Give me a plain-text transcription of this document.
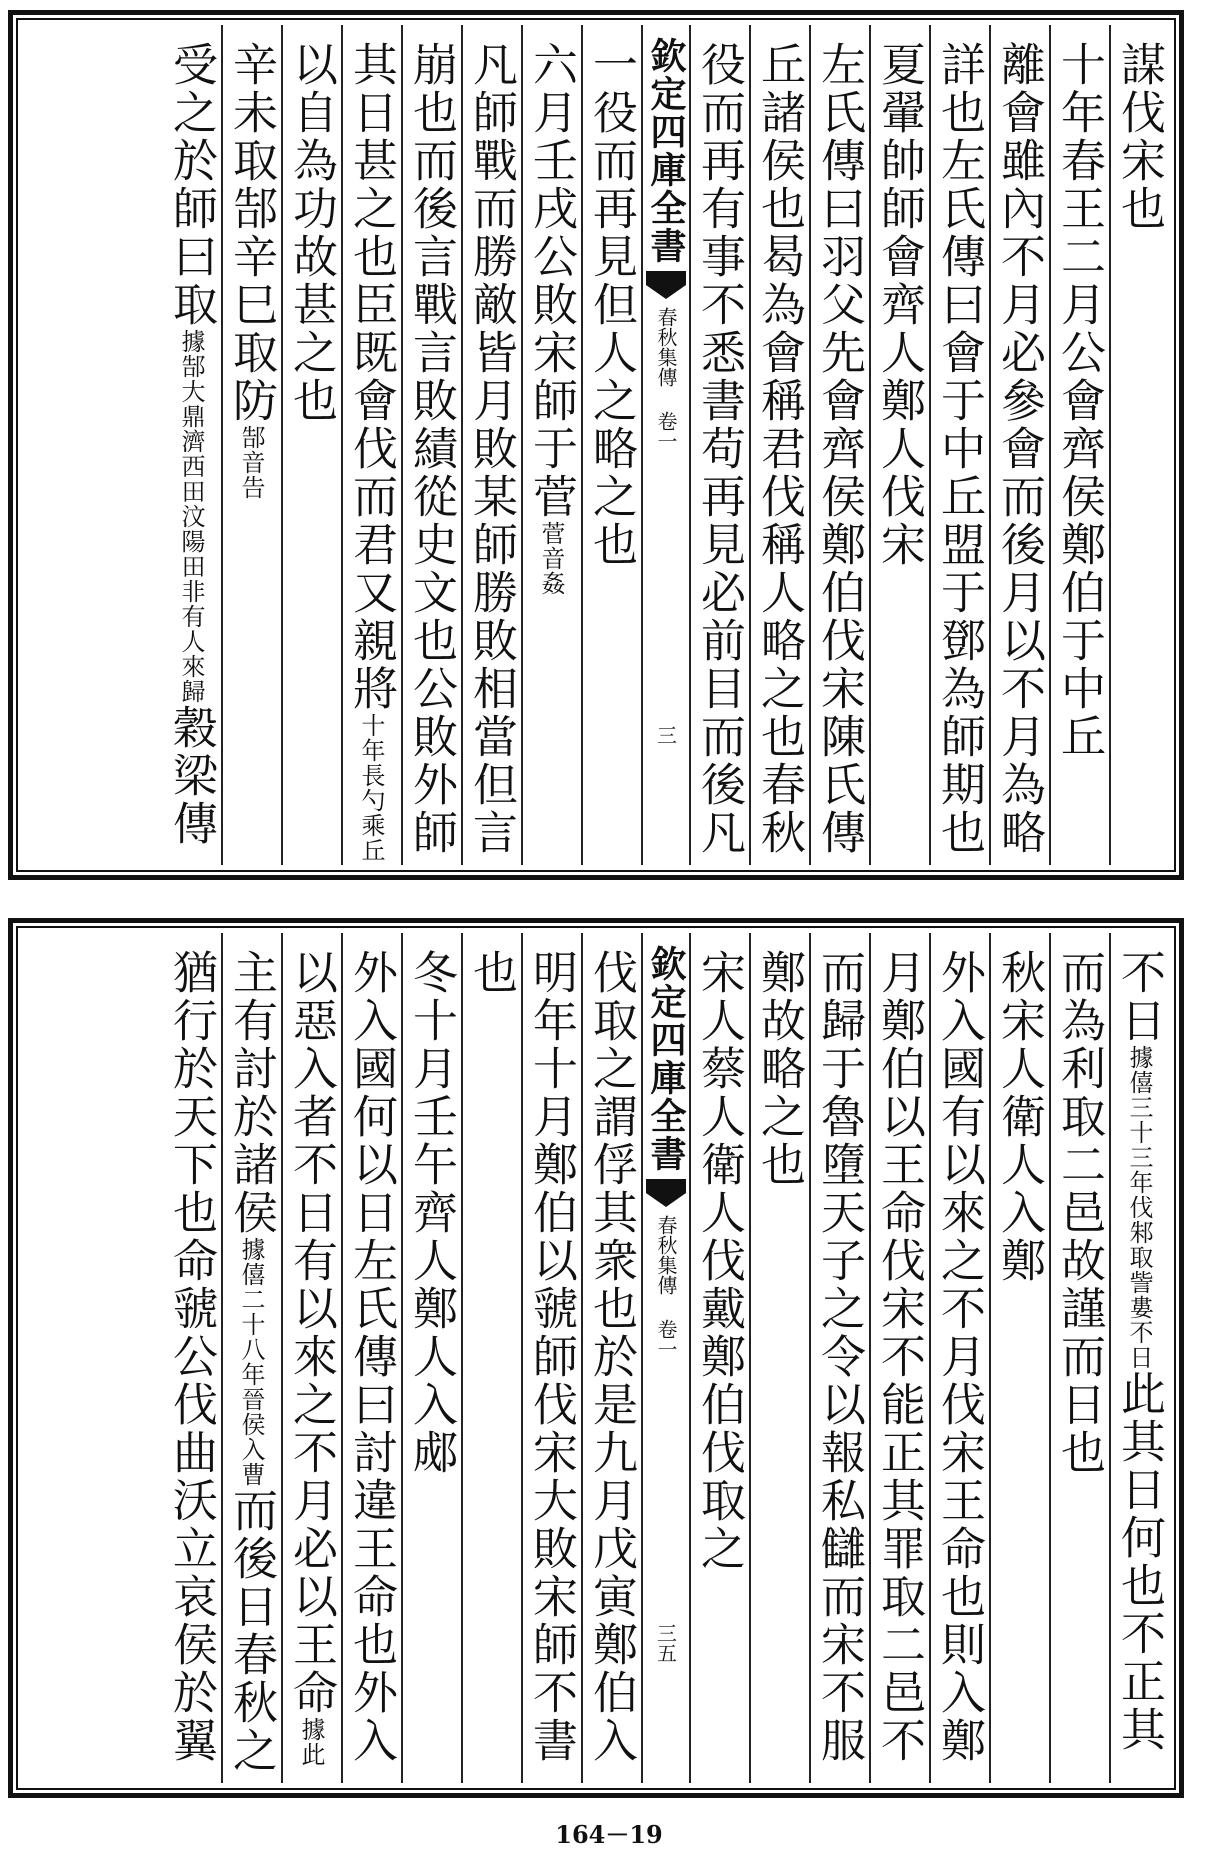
謀伐宋也
十年春王二月公會齊侯鄭伯于中丘
離會雖內不月必參會而後月以不月為略
詳也左氏傳曰會于中丘盟于鄧為師期也
夏翬帥師會齊人鄭人伐宋
左氏傳曰羽父先會齊侯鄭伯伐宋陳氏傳
丘諸侯也曷為會稱君伐稱人略之也春秋
役而再有事不悉書苟再見必前目而後凡
欽定四庫全書
春秋集傳 卷一
三
一役而再見但人之略之也
六月壬戌公敗宋師于菅菅音姦
凡師戰而勝敵皆月敗某師勝敗相當但言
崩也而後言戰言敗績從史文也公敗外師
其日甚之也臣既會伐而君又親將十年長勺乘丘
以自為功故甚之也
辛未取郜辛巳取防郜音告
受之於師曰取據郜大鼎濟西田汶陽田非有人來歸穀梁傳
不日據僖三十三年伐邾取訾婁不日此其日何也不正其
而為利取二邑故謹而日也
秋宋人衛人入鄭
外入國有以來之不月伐宋王命也則入鄭
月鄭伯以王命伐宋不能正其罪取二邑不
而歸于魯墮天子之令以報私讎而宋不服
鄭故略之也
宋人蔡人衛人伐戴鄭伯伐取之
欽定四庫全書
春秋集傳 卷一
三五
伐取之謂俘其衆也於是九月戊寅鄭伯入
明年十月鄭伯以虢師伐宋大敗宋師不書
也
冬十月壬午齊人鄭人入郕
外入國何以日左氏傳曰討違王命也外入
以惡入者不日有以來之不月必以王命據此
主有討於諸侯據僖二十八年晉侯入曹而後日春秋之
猶行於天下也命虢公伐曲沃立哀侯於翼
164－19
